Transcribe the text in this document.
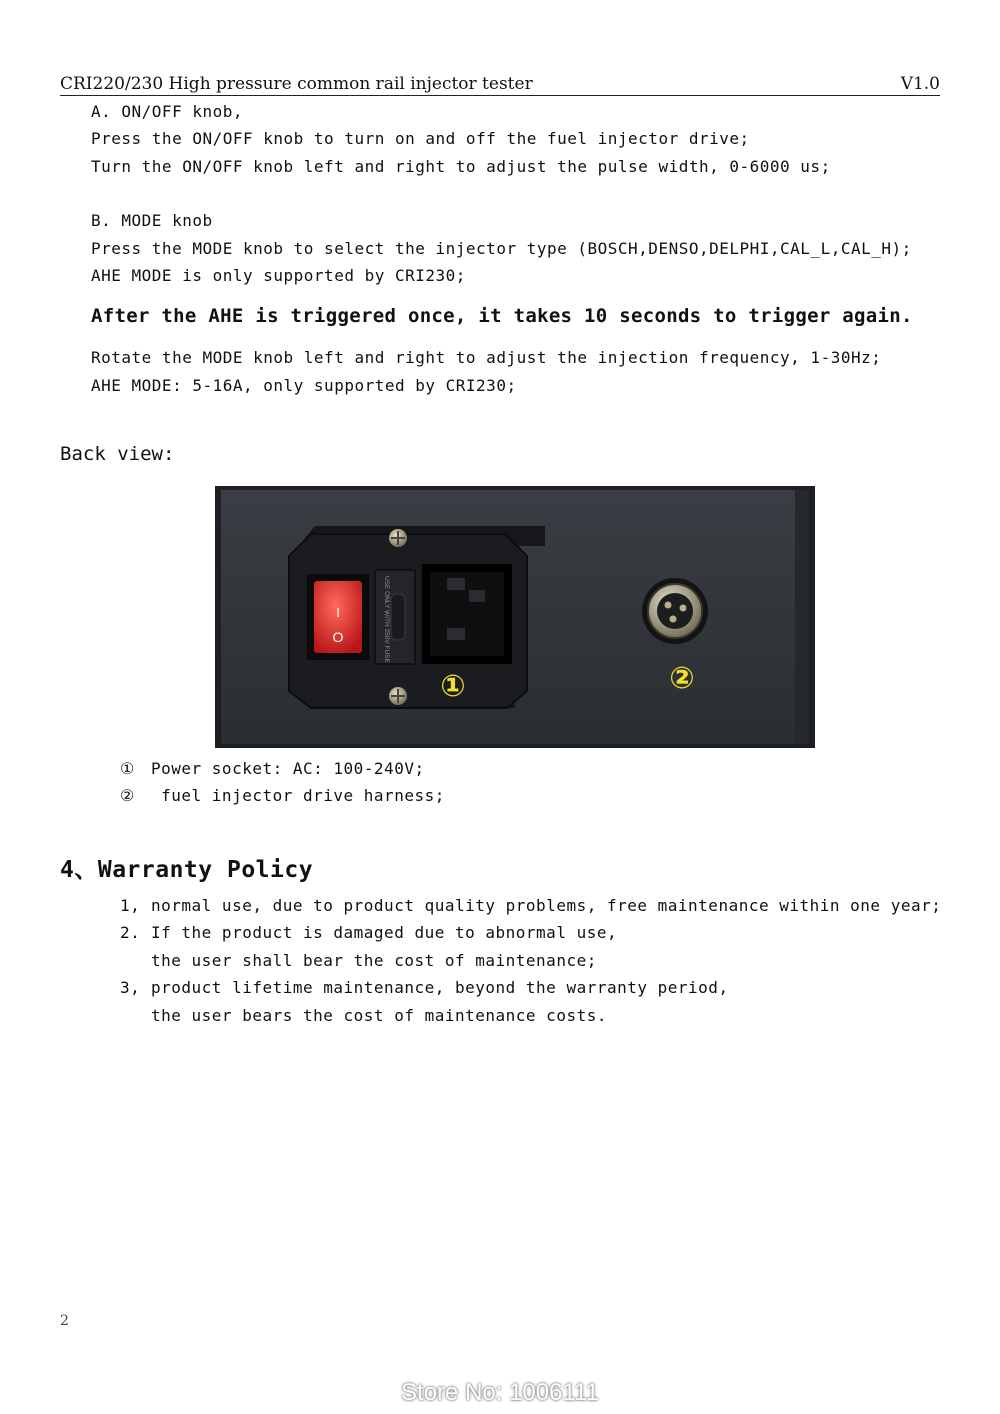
CRI220/230 High pressure common rail injector tester	V1.0
A. ON/OFF knob,
Press the ON/OFF knob to turn on and off the fuel injector drive;
Turn the ON/OFF knob left and right to adjust the pulse width, 0-6000 us;
B. MODE knob
Press the MODE knob to select the injector type (BOSCH,DENSO,DELPHI,CAL_L,CAL_H);
AHE MODE is only supported by CRI230;
After the AHE is triggered once, it takes 10 seconds to trigger again.
Rotate the MODE knob left and right to adjust the injection frequency, 1-30Hz;
AHE MODE: 5-16A, only supported by CRI230;
Back view:
I
O	USE ONLY WITH 250V FUSE
①	②
① Power socket: AC: 100-240V;
② fuel injector drive harness;
4、Warranty Policy
1, normal use, due to product quality problems, free maintenance within one year;
2. If the product is damaged due to abnormal use,
the user shall bear the cost of maintenance;
3, product lifetime maintenance, beyond the warranty period,
the user bears the cost of maintenance costs.
2
Store No: 1006111
